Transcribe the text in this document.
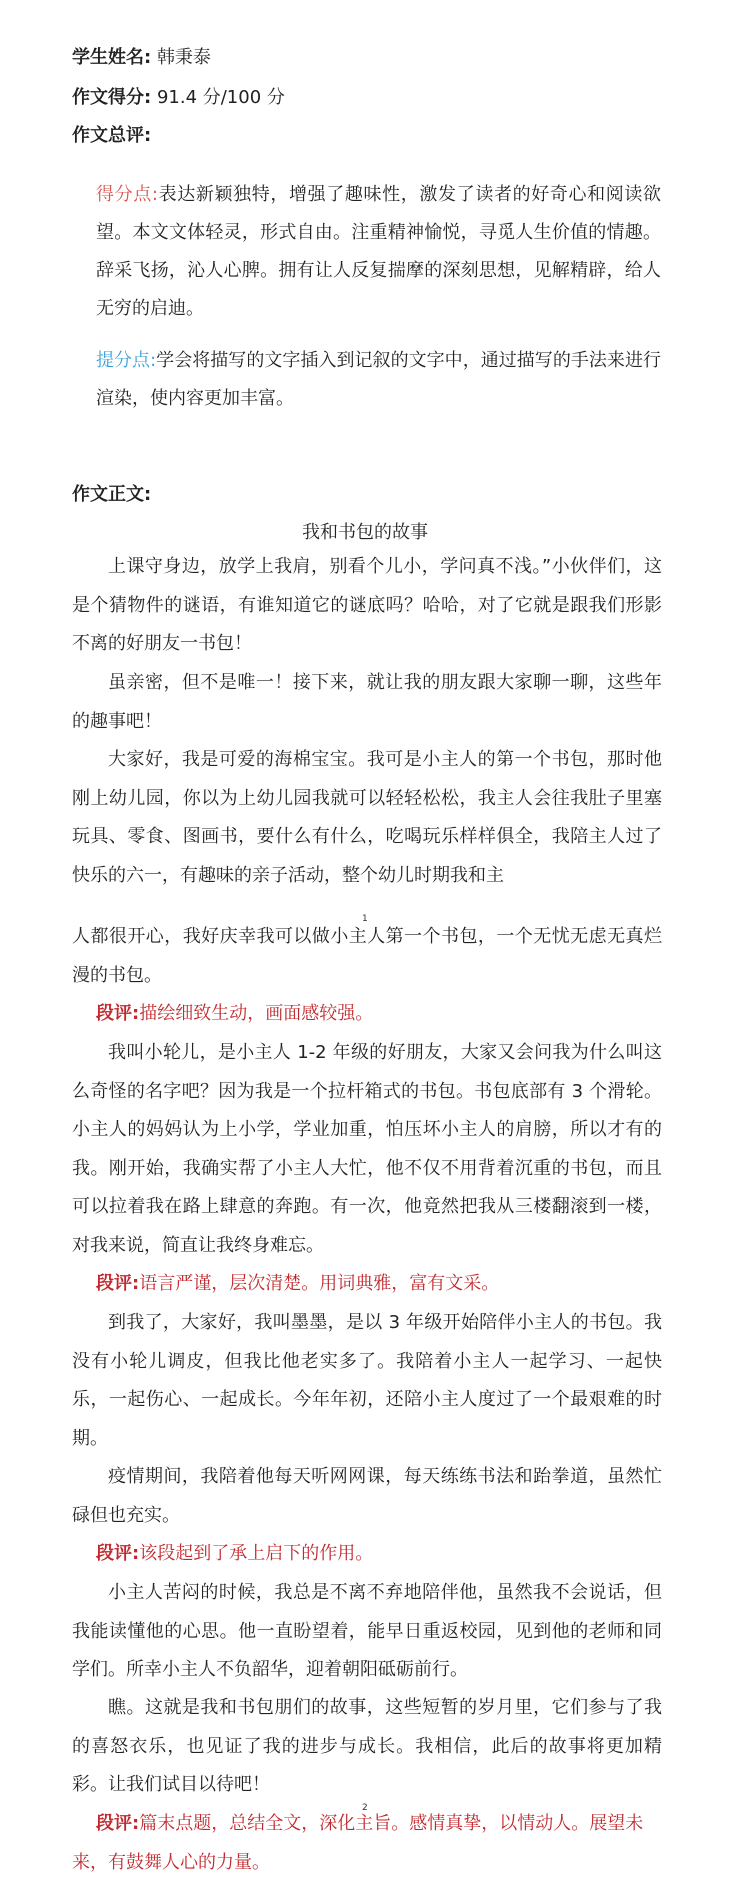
学生姓名: 韩秉泰
作文得分: 91.4 分/100 分
作文总评:
得分点:表达新颖独特，增强了趣味性，激发了读者的好奇心和阅读欲望。本文文体轻灵，形式自由。注重精神愉悦，寻觅人生价值的情趣。辞采飞扬，沁人心脾。拥有让人反复揣摩的深刻思想，见解精辟，给人无穷的启迪。
提分点:学会将描写的文字插入到记叙的文字中，通过描写的手法来进行渲染，使内容更加丰富。
作文正文:
我和书包的故事
上课守身边，放学上我肩，别看个儿小，学问真不浅。”小伙伴们，这是个猜物件的谜语，有谁知道它的谜底吗？哈哈，对了它就是跟我们形影不离的好朋友一书包！
虽亲密，但不是唯一！接下来，就让我的朋友跟大家聊一聊，这些年的趣事吧！
大家好，我是可爱的海棉宝宝。我可是小主人的第一个书包，那时他刚上幼儿园，你以为上幼儿园我就可以轻轻松松，我主人会往我肚子里塞玩具、零食、图画书，要什么有什么，吃喝玩乐样样俱全，我陪主人过了快乐的六一，有趣味的亲子活动，整个幼儿时期我和主
1
人都很开心，我好庆幸我可以做小主人第一个书包，一个无忧无虑无真烂漫的书包。
段评:描绘细致生动，画面感较强。
我叫小轮儿，是小主人 1-2 年级的好朋友，大家又会问我为什么叫这么奇怪的名字吧？因为我是一个拉杆箱式的书包。书包底部有 3 个滑轮。小主人的妈妈认为上小学，学业加重，怕压坏小主人的肩膀，所以才有的我。刚开始，我确实帮了小主人大忙，他不仅不用背着沉重的书包，而且可以拉着我在路上肆意的奔跑。有一次，他竟然把我从三楼翻滚到一楼，对我来说，简直让我终身难忘。
段评:语言严谨，层次清楚。用词典雅，富有文采。
到我了，大家好，我叫墨墨，是以 3 年级开始陪伴小主人的书包。我没有小轮儿调皮，但我比他老实多了。我陪着小主人一起学习、一起快乐，一起伤心、一起成长。今年年初，还陪小主人度过了一个最艰难的时期。
疫情期间，我陪着他每天听网网课，每天练练书法和跆拳道，虽然忙碌但也充实。
段评:该段起到了承上启下的作用。
小主人苦闷的时候，我总是不离不弃地陪伴他，虽然我不会说话，但我能读懂他的心思。他一直盼望着，能早日重返校园，见到他的老师和同学们。所幸小主人不负韶华，迎着朝阳砥砺前行。
瞧。这就是我和书包朋们的故事，这些短暂的岁月里，它们参与了我的喜怒衣乐，也见证了我的进步与成长。我相信，此后的故事将更加精彩。让我们试目以待吧！
2
段评:篇末点题，总结全文，深化主旨。感情真挚，以情动人。展望未来，有鼓舞人心的力量。
